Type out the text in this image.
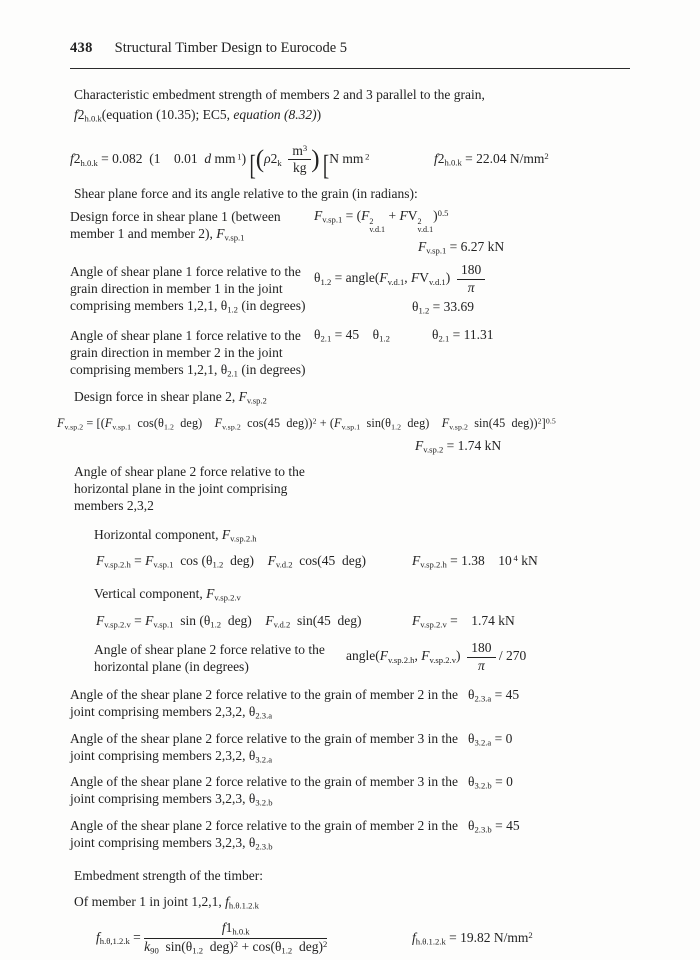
438 Structural Timber Design to Eurocode 5

Characteristic embedment strength of members 2 and 3 parallel to the grain, $f2_{h.0.k}(equation$ (10.35); EC5, equation (8.32))

$f2_{h.0.k} = 0.082$  (1 0.01 d mm $^1$) [($\rho 2_k$  $\frac{m^3}{kg}$ ) [N mm $^2$	$f2_{h.0.k} = 22.04$ $N/mm^2$

Shear plane force and its angle relative to the grain (in radians):

Design force in shear plane 1 (between member 1 and member 2), $F_{v.sp.1}$
$F_{v.sp.1} = (F$ 2
v.d.1
+ FV 2
v.d.1
)$^{0.5}$
$F_{v.sp.1} = 6.27$ kN
Angle of shear plane 1 force relative to the grain direction in member 1 in the joint comprising members 1,2,1, $\theta_{1.2}$ (in degrees)
$\theta_{1.2}$ = $angle(F_{v.d.1}$, $FV_{v.d.1}$)  $\frac{180}{\pi}$
$\theta_{1.2} = 33.69$
Angle of shear plane 1 force relative to the grain direction in member 2 in the joint comprising members 1,2,1, $\theta_{2.1}$ (in degrees)
$\theta_{2.1} = 45$ $\theta_{1.2}$	$\theta_{2.1} = 11.31$

Design force in shear plane 2, $F_{v.sp.2}$

$F_{v.sp.2} = [(F_{v.sp.1}$ $\cos(\theta_{1.2}$ deg) $F_{v.sp.2}$ cos(45 $deg))^2 + (F_{v.sp.1}$ $\sin(\theta_{1.2}$ deg) $F_{v.sp.2}$ sin(45 deg))$^2$]$^{0.5}$
$F_{v.sp.2} = 1.74$ kN

Angle of shear plane 2 force relative to the horizontal plane in the joint comprising members 2,3,2

Horizontal component, $F_{v.sp.2.h}$

$F_{v.sp.2.h} = F_{v.sp.1}$ $\cos (\theta_{1.2}$ deg) $F_{v.d.2}$ cos(45 deg)	$F_{v.sp.2.h} = 1.38$ 10 $^4$ kN

Vertical component, $F_{v.sp.2.v}$

$F_{v.sp.2.v} = F_{v.sp.1}$ $\sin (\theta_{1.2}$ deg) $F_{v.d.2}$ sin(45 deg)	$F_{v.sp.2.v}$ = 1.74 kN
Angle of shear plane 2 force relative to the horizontal plane (in degrees)
$angle(F_{v.sp.2.h}$, $F_{v.sp.2.v}$)  $\frac{180}{\pi} / 270$
Angle of the shear plane 2 force relative to the grain of member 2 in the joint comprising members 2,3,2, $\theta_{2.3.a}$
$\theta_{2.3.a} = 45$
Angle of the shear plane 2 force relative to the grain of member 3 in the joint comprising members 2,3,2, $\theta_{3.2.a}$
$\theta_{3.2.a} = 0$
Angle of the shear plane 2 force relative to the grain of member 3 in the joint comprising members 3,2,3, $\theta_{3.2.b}$
$\theta_{3.2.b} = 0$
Angle of the shear plane 2 force relative to the grain of member 2 in the joint comprising members 3,2,3, $\theta_{2.3.b}$
$\theta_{2.3.b} = 45$

Embedment strength of the timber:

Of member 1 in joint 1,2,1, $f_{h.\theta.1.2.k}$

$f_{h.\theta,1.2.k} = \frac{f1_{h.0.k}}{k_{90} \sin(\theta_{1.2} deg)^2 + \cos(\theta_{1.2} deg)^2}$	$f_{h.\theta.1.2.k} = 19.82$ $N/mm^2$
